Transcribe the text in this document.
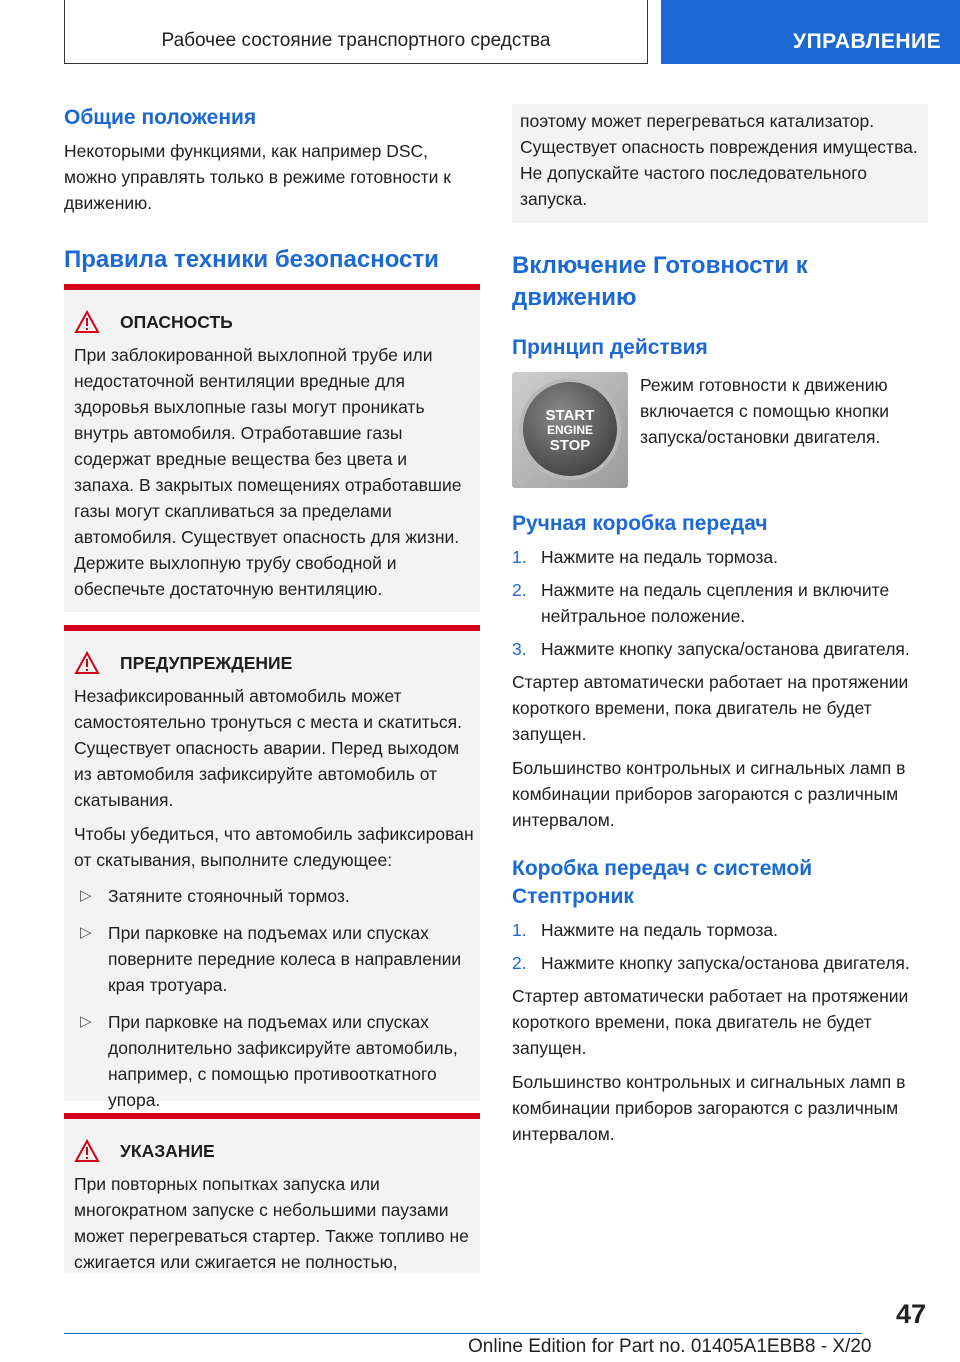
Рабочее состояние транспортного средства	УПРАВЛЕНИЕ
Общие положения

Некоторыми функциями, как например DSC, можно управлять только в режиме готовности к движению.

Правила техники безопасности
ОПАСНОСТЬ

При заблокированной выхлопной трубе или недостаточной вентиляции вредные для здоровья выхлопные газы могут проникать внутрь автомобиля. Отработавшие газы содержат вредные вещества без цвета и запаха. В закрытых помещениях отработавшие газы могут скапливаться за пределами автомобиля. Существует опасность для жизни. Держите выхлопную трубу свободной и обеспечьте достаточную вентиляцию.

ПРЕДУПРЕЖДЕНИЕ

Незафиксированный автомобиль может самостоятельно тронуться с места и скатиться. Существует опасность аварии. Перед выходом из автомобиля зафиксируйте автомобиль от скатывания.

Чтобы убедиться, что автомобиль зафиксирован от скатывания, выполните следующее:

▷ Затяните стояночный тормоз.
▷ При парковке на подъемах или спусках поверните передние колеса в направлении края тротуара.
▷ При парковке на подъемах или спусках дополнительно зафиксируйте автомобиль, например, с помощью противооткатного упора.
УКАЗАНИЕ

При повторных попытках запуска или многократном запуске с небольшими паузами может перегреваться стартер. Также топливо не сжигается или сжигается не полностью,

поэтому может перегреваться катализатор. Существует опасность повреждения имущества. Не допускайте частого последовательного запуска.

Включение Готовности к движению
Принцип действия
START
ENGINE
STOP

Режим готовности к движению включается с помощью кнопки запуска/остановки двигателя.

Ручная коробка передач
1. Нажмите на педаль тормоза.
2. Нажмите на педаль сцепления и включите нейтральное положение.
3. Нажмите кнопку запуска/останова двигателя.

Стартер автоматически работает на протяжении короткого времени, пока двигатель не будет запущен.

Большинство контрольных и сигнальных ламп в комбинации приборов загораются с различным интервалом.

Коробка передач с системой Стептроник
1. Нажмите на педаль тормоза.
2. Нажмите кнопку запуска/останова двигателя.

Стартер автоматически работает на протяжении короткого времени, пока двигатель не будет запущен.

Большинство контрольных и сигнальных ламп в комбинации приборов загораются с различным интервалом.

47
Online Edition for Part no. 01405A1EBB8 - X/20
